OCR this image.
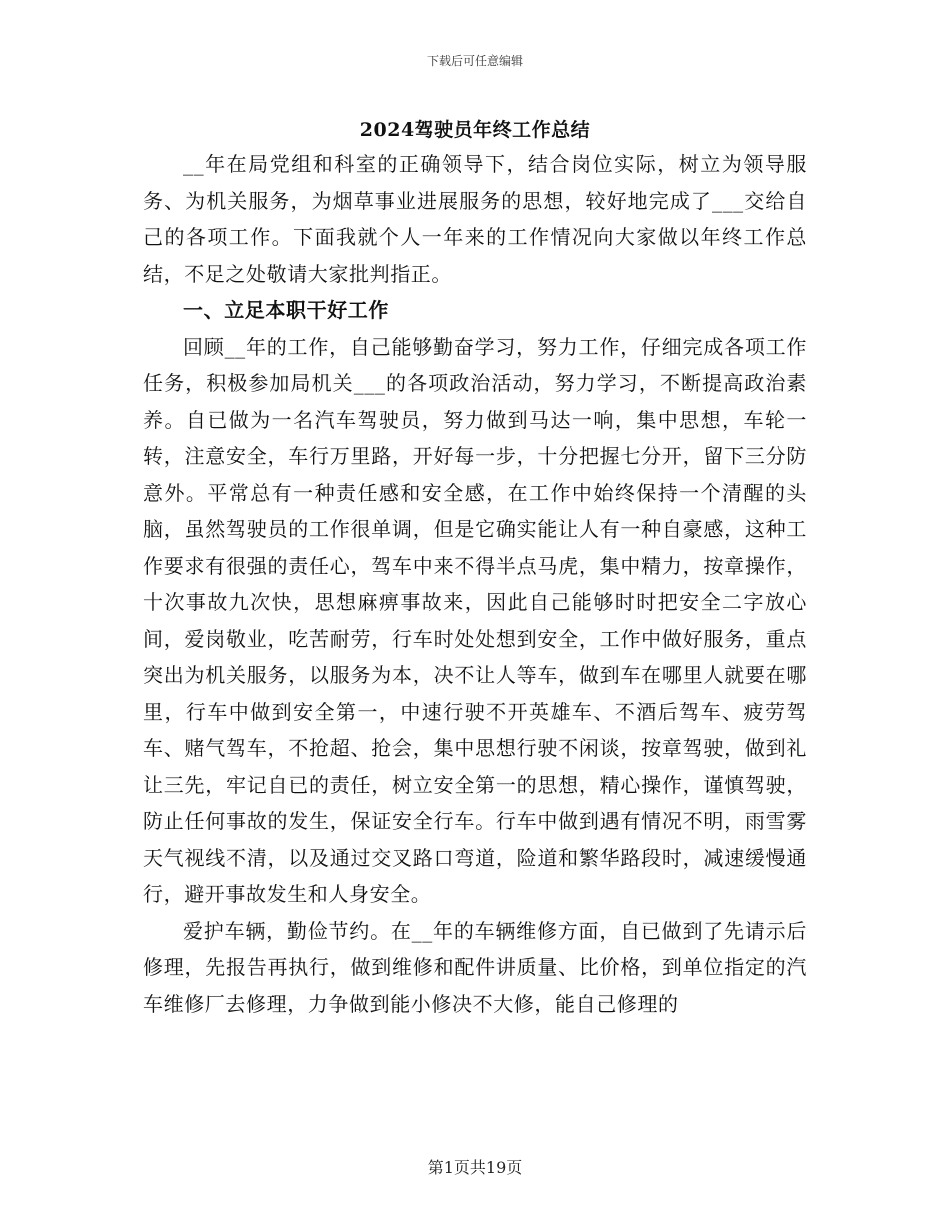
下载后可任意编辑
2024驾驶员年终工作总结

__年在局党组和科室的正确领导下，结合岗位实际，树立为领导服务、为机关服务，为烟草事业进展服务的思想，较好地完成了___交给自己的各项工作。下面我就个人一年来的工作情况向大家做以年终工作总结，不足之处敬请大家批判指正。

一、立足本职干好工作

回顾__年的工作，自己能够勤奋学习，努力工作，仔细完成各项工作任务，积极参加局机关___的各项政治活动，努力学习，不断提高政治素养。自已做为一名汽车驾驶员，努力做到马达一响，集中思想，车轮一转，注意安全，车行万里路，开好每一步，十分把握七分开，留下三分防意外。平常总有一种责任感和安全感，在工作中始终保持一个清醒的头脑，虽然驾驶员的工作很单调，但是它确实能让人有一种自豪感，这种工作要求有很强的责任心，驾车中来不得半点马虎，集中精力，按章操作，十次事故九次快，思想麻痹事故来，因此自己能够时时把安全二字放心间，爱岗敬业，吃苦耐劳，行车时处处想到安全，工作中做好服务，重点突出为机关服务，以服务为本，决不让人等车，做到车在哪里人就要在哪里，行车中做到安全第一，中速行驶不开英雄车、不酒后驾车、疲劳驾车、赌气驾车，不抢超、抢会，集中思想行驶不闲谈，按章驾驶，做到礼让三先，牢记自已的责任，树立安全第一的思想，精心操作，谨慎驾驶，防止任何事故的发生，保证安全行车。行车中做到遇有情况不明，雨雪雾天气视线不清，以及通过交叉路口弯道，险道和繁华路段时，减速缓慢通行，避开事故发生和人身安全。

爱护车辆，勤俭节约。在__年的车辆维修方面，自已做到了先请示后修理，先报告再执行，做到维修和配件讲质量、比价格，到单位指定的汽车维修厂去修理，力争做到能小修决不大修，能自己修理的

第1页共19页
